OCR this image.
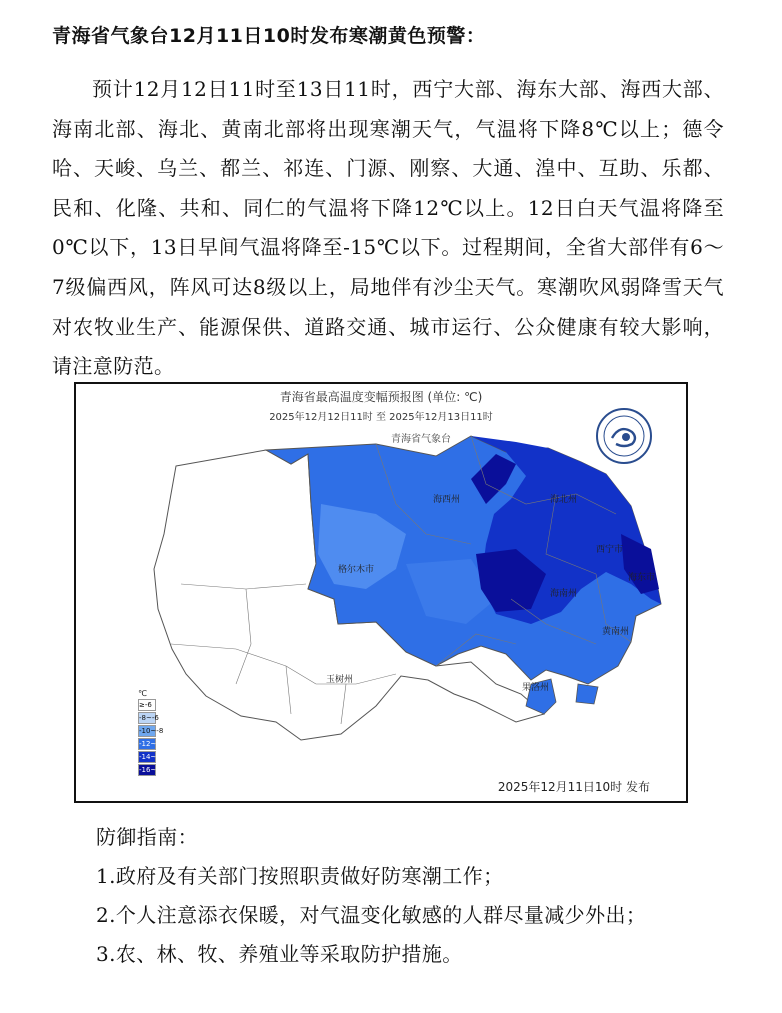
青海省气象台12月11日10时发布寒潮黄色预警：
预计12月12日11时至13日11时，西宁大部、海东大部、海西大部、海南北部、海北、黄南北部将出现寒潮天气，气温将下降8℃以上；德令哈、天峻、乌兰、都兰、祁连、门源、刚察、大通、湟中、互助、乐都、民和、化隆、共和、同仁的气温将下降12℃以上。12日白天气温将降至0℃以下，13日早间气温将降至-15℃以下。过程期间，全省大部伴有6～7级偏西风，阵风可达8级以上，局地伴有沙尘天气。寒潮吹风弱降雪天气对农牧业生产、能源保供、道路交通、城市运行、公众健康有较大影响，请注意防范。
青海省最高温度变幅预报图 (单位: ℃)
2025年12月12日11时 至 2025年12月13日11时
青海省气象台
海西州	海北州
西宁市
海东市
格尔木市
海南州
黄南州
玉树州
果洛州
℃
≥-6
-8~-6
-10~-8
-12~-10
-14~-12
-16~-14
2025年12月11日10时 发布
防御指南：
1.政府及有关部门按照职责做好防寒潮工作；
2.个人注意添衣保暖，对气温变化敏感的人群尽量减少外出；
3.农、林、牧、养殖业等采取防护措施。
